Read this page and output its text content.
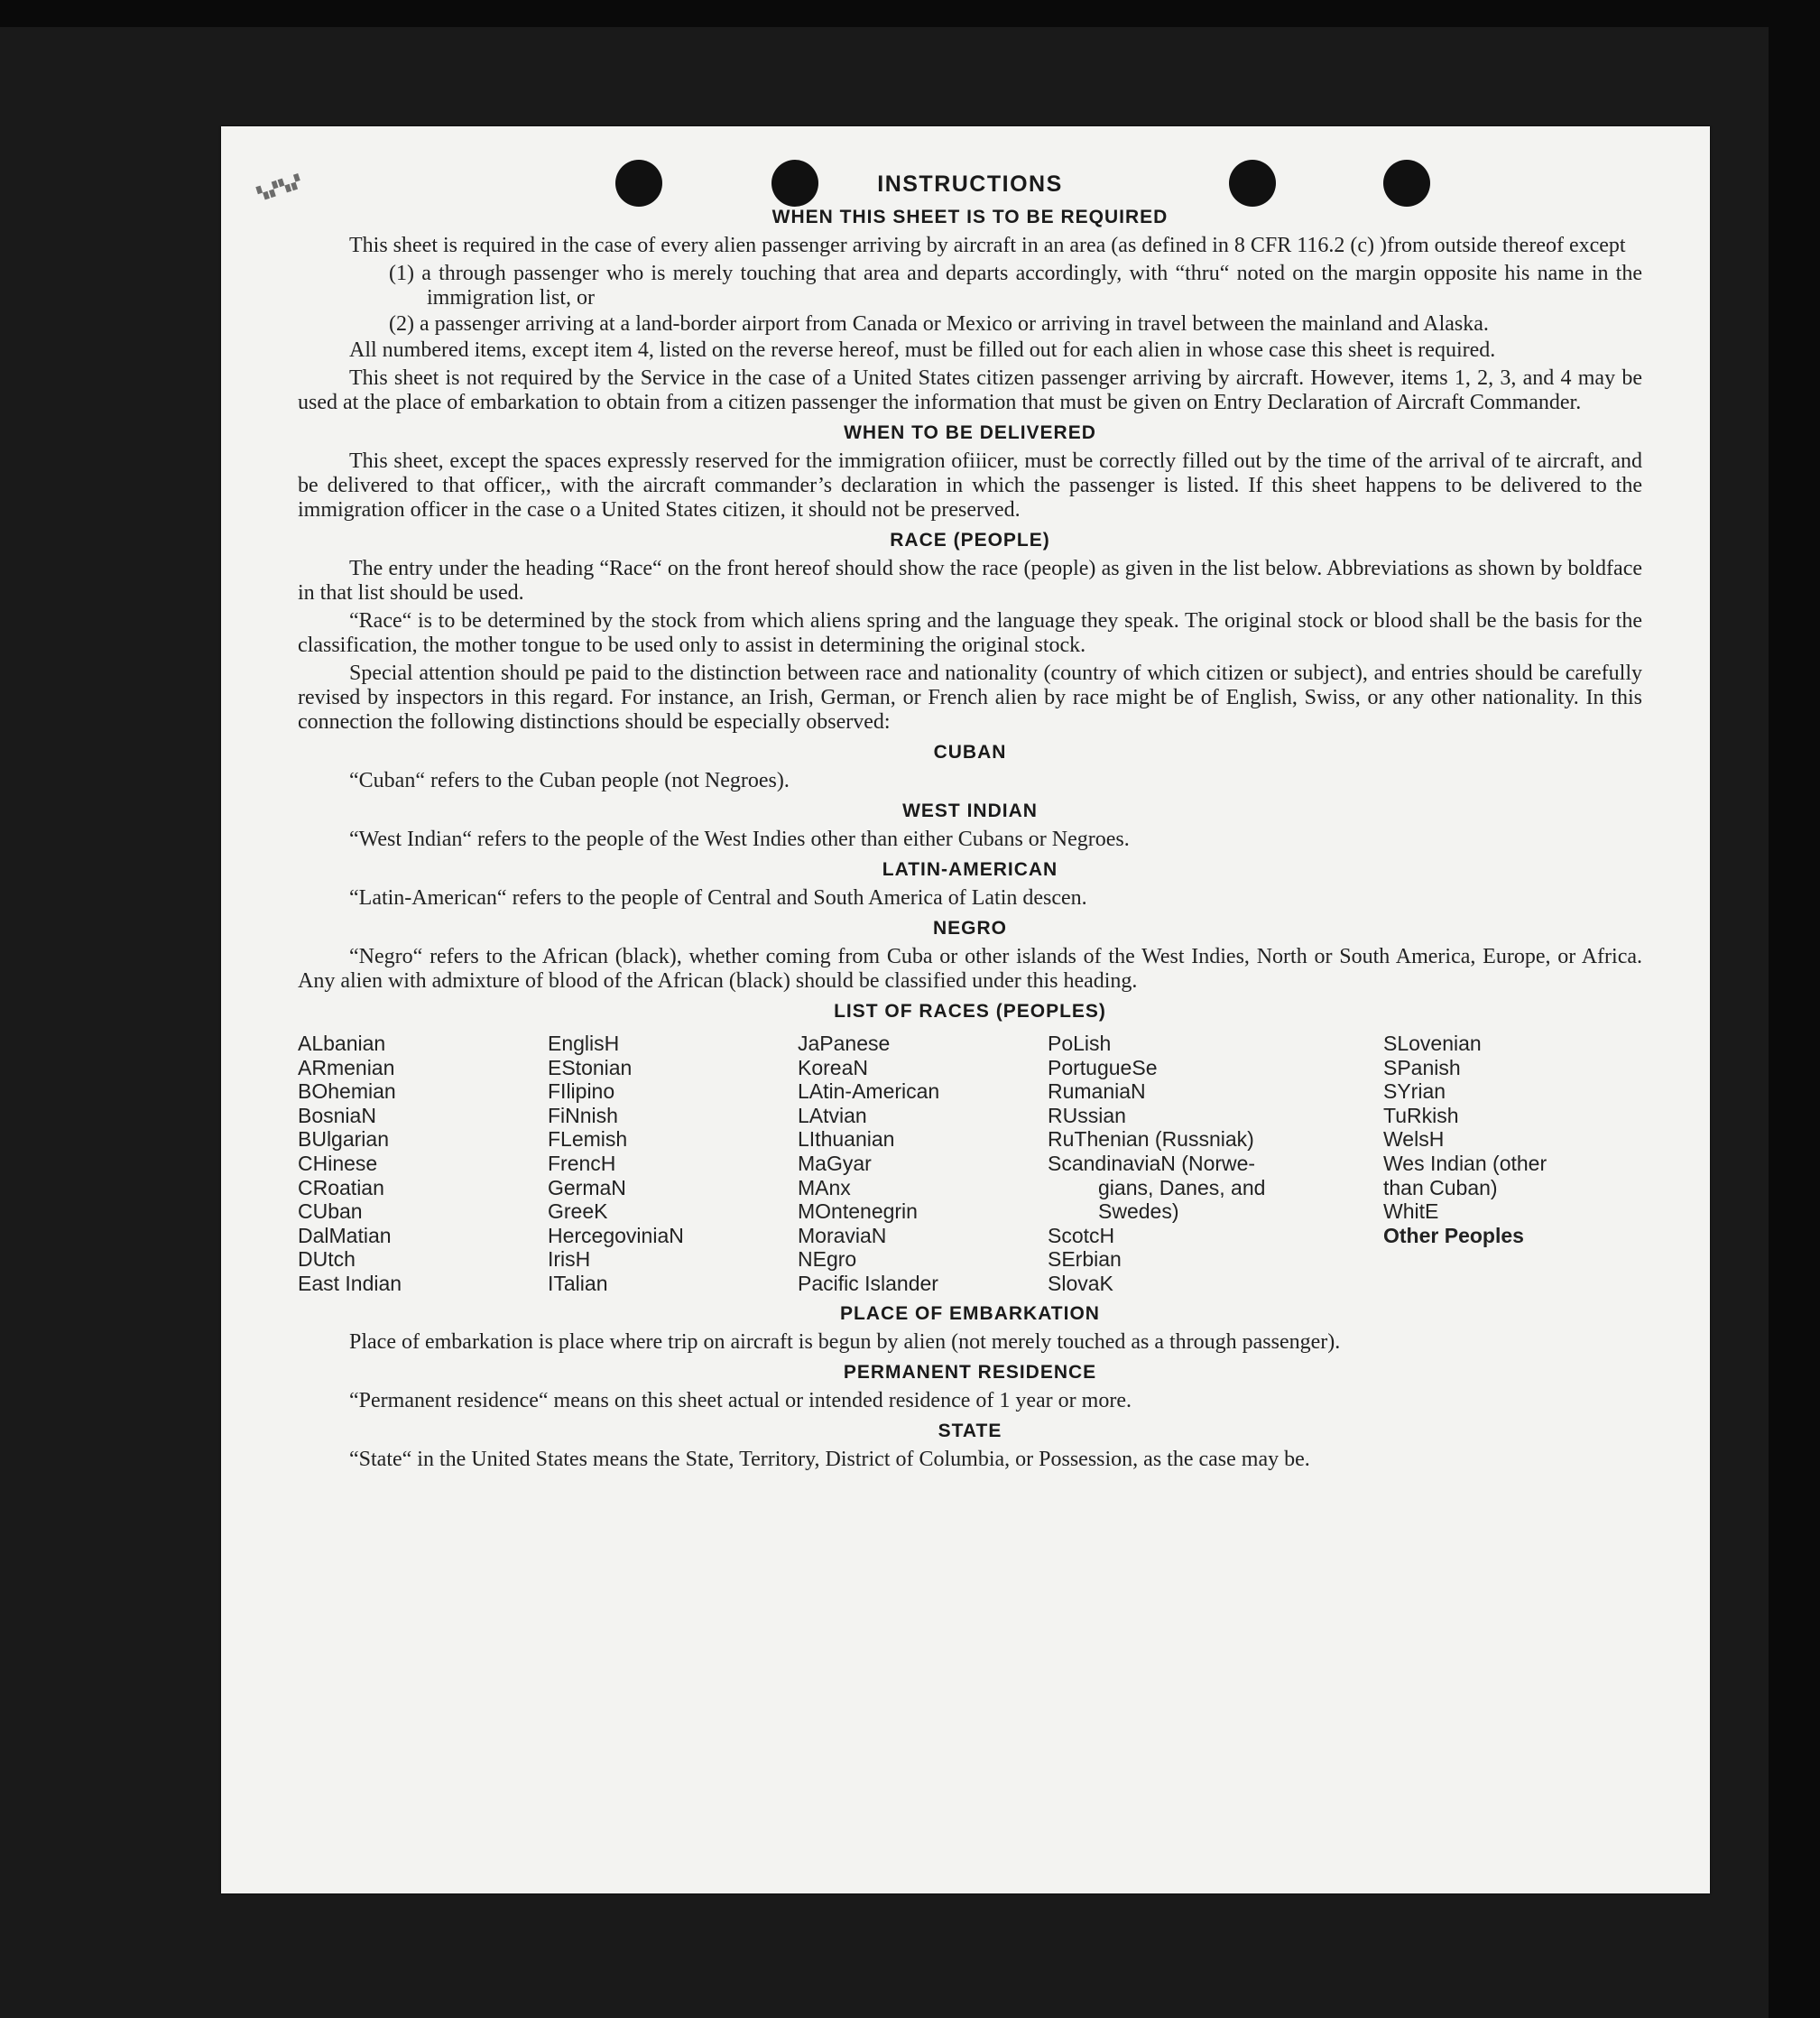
▚▞▚▞	INSTRUCTIONS
WHEN THIS SHEET IS TO BE REQUIRED

This sheet is required in the case of every alien passenger arriving by aircraft in an area (as defined in 8 CFR 116.2 (c) )from outside thereof except

(1) a through passenger who is merely touching that area and departs accordingly, with “thru“ noted on the margin opposite his name in the immigration list, or
(2) a passenger arriving at a land-border airport from Canada or Mexico or arriving in travel between the mainland and Alaska.

All numbered items, except item 4, listed on the reverse hereof, must be filled out for each alien in whose case this sheet is required.

This sheet is not required by the Service in the case of a United States citizen passenger arriving by aircraft. However, items 1, 2, 3, and 4 may be used at the place of embarkation to obtain from a citizen passenger the information that must be given on Entry Declaration of Aircraft Commander.

WHEN TO BE DELIVERED

This sheet, except the spaces expressly reserved for the immigration ofiiicer, must be correctly filled out by the time of the arrival of te aircraft, and be delivered to that officer,, with the aircraft commander’s declaration in which the passenger is listed. If this sheet happens to be delivered to the immigration officer in the case o a United States citizen, it should not be preserved.

RACE (PEOPLE)

The entry under the heading “Race“ on the front hereof should show the race (people) as given in the list below. Abbreviations as shown by boldface in that list should be used.

“Race“ is to be determined by the stock from which aliens spring and the language they speak. The original stock or blood shall be the basis for the classification, the mother tongue to be used only to assist in determining the original stock.

Special attention should pe paid to the distinction between race and nationality (country of which citizen or subject), and entries should be carefully revised by inspectors in this regard. For instance, an Irish, German, or French alien by race might be of English, Swiss, or any other nationality. In this connection the following distinctions should be especially observed:

CUBAN

“Cuban“ refers to the Cuban people (not Negroes).

WEST INDIAN

“West Indian“ refers to the people of the West Indies other than either Cubans or Negroes.

LATIN-AMERICAN

“Latin-American“ refers to the people of Central and South America of Latin descen.

NEGRO

“Negro“ refers to the African (black), whether coming from Cuba or other islands of the West Indies, North or South America, Europe, or Africa. Any alien with admixture of blood of the African (black) should be classified under this heading.

LIST OF RACES (PEOPLES)
ALbanian
ARmenian
BOhemian
BosniaN
BUlgarian
CHinese
CRoatian
CUban
DalMatian
DUtch
East Indian
EnglisH
EStonian
FIlipino
FiNnish
FLemish
FrencH
GermaN
GreeK
HercegoviniaN
IrisH
ITalian
JaPanese
KoreaN
LAtin-American
LAtvian
LIthuanian
MaGyar
MAnx
MOntenegrin
MoraviaN
NEgro
Pacific Islander
PoLish
PortugueSe
RumaniaN
RUssian
RuThenian (Russniak)
ScandinaviaN (Norwe-
gians, Danes, and
Swedes)
ScotcH
SErbian
SlovaK
SLovenian
SPanish
SYrian
TuRkish
WelsH
Wes Indian (other
than Cuban)
WhitE
Other Peoples
PLACE OF EMBARKATION

Place of embarkation is place where trip on aircraft is begun by alien (not merely touched as a through passenger).

PERMANENT RESIDENCE

“Permanent residence“ means on this sheet actual or intended residence of 1 year or more.

STATE

“State“ in the United States means the State, Territory, District of Columbia, or Possession, as the case may be.
